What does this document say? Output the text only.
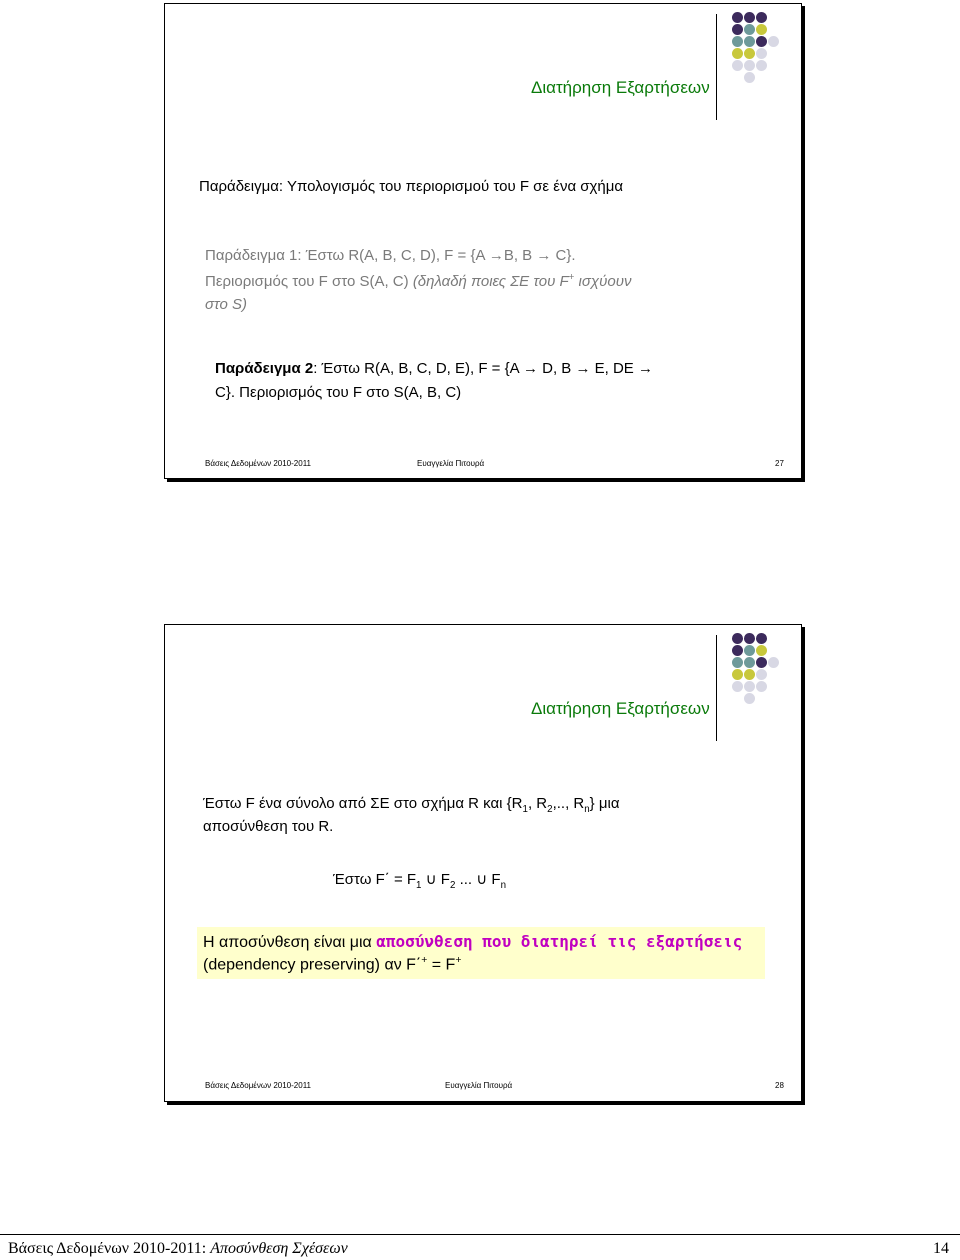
Διατήρηση Εξαρτήσεων
Παράδειγμα: Υπολογισμός του περιορισμού του F σε ένα σχήμα
Παράδειγμα 1: Έστω R(A, B, C, D), F = {A →B, B → C}.
Περιορισμός του F στο S(A, C) (δηλαδή ποιες ΣΕ του F+ ισχύουν
στο S)
Παράδειγμα 2: Έστω R(A, B, C, D, E), F = {A → D, B → E, DE →
C}. Περιορισμός του F στο S(A, B, C)
Βάσεις Δεδομένων 2010-2011	Ευαγγελία Πιτουρά	27
Διατήρηση Εξαρτήσεων
Έστω F ένα σύνολο από ΣΕ στο σχήμα R και {$R_1$, $R_2$,.., $R_n$} μια
αποσύνθεση του R.
Έστω $F΄ = F_1$ ∪ $F_2$ ... ∪ $F_n$
Η αποσύνθεση είναι μια αποσύνθεση που διατηρεί τις εξαρτήσεις
(dependency preserving) αν F΄+ = F+
Βάσεις Δεδομένων 2010-2011	Ευαγγελία Πιτουρά	28
Βάσεις Δεδομένων 2010-2011: Αποσύνθεση Σχέσεων	14
